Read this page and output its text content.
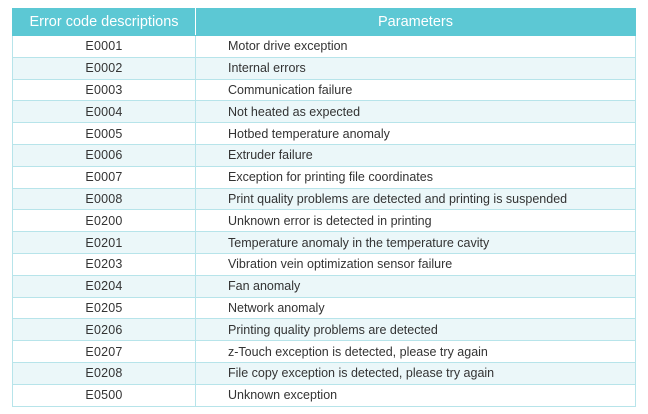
Error code descriptions	Parameters
E0001	Motor drive exception
E0002	Internal errors
E0003	Communication failure
E0004	Not heated as expected
E0005	Hotbed temperature anomaly
E0006	Extruder failure
E0007	Exception for printing file coordinates
E0008	Print quality problems are detected and printing is suspended
E0200	Unknown error is detected in printing
E0201	Temperature anomaly in the temperature cavity
E0203	Vibration vein optimization sensor failure
E0204	Fan anomaly
E0205	Network anomaly
E0206	Printing quality problems are detected
E0207	z-Touch exception is detected, please try again
E0208	File copy exception is detected, please try again
E0500	Unknown exception
